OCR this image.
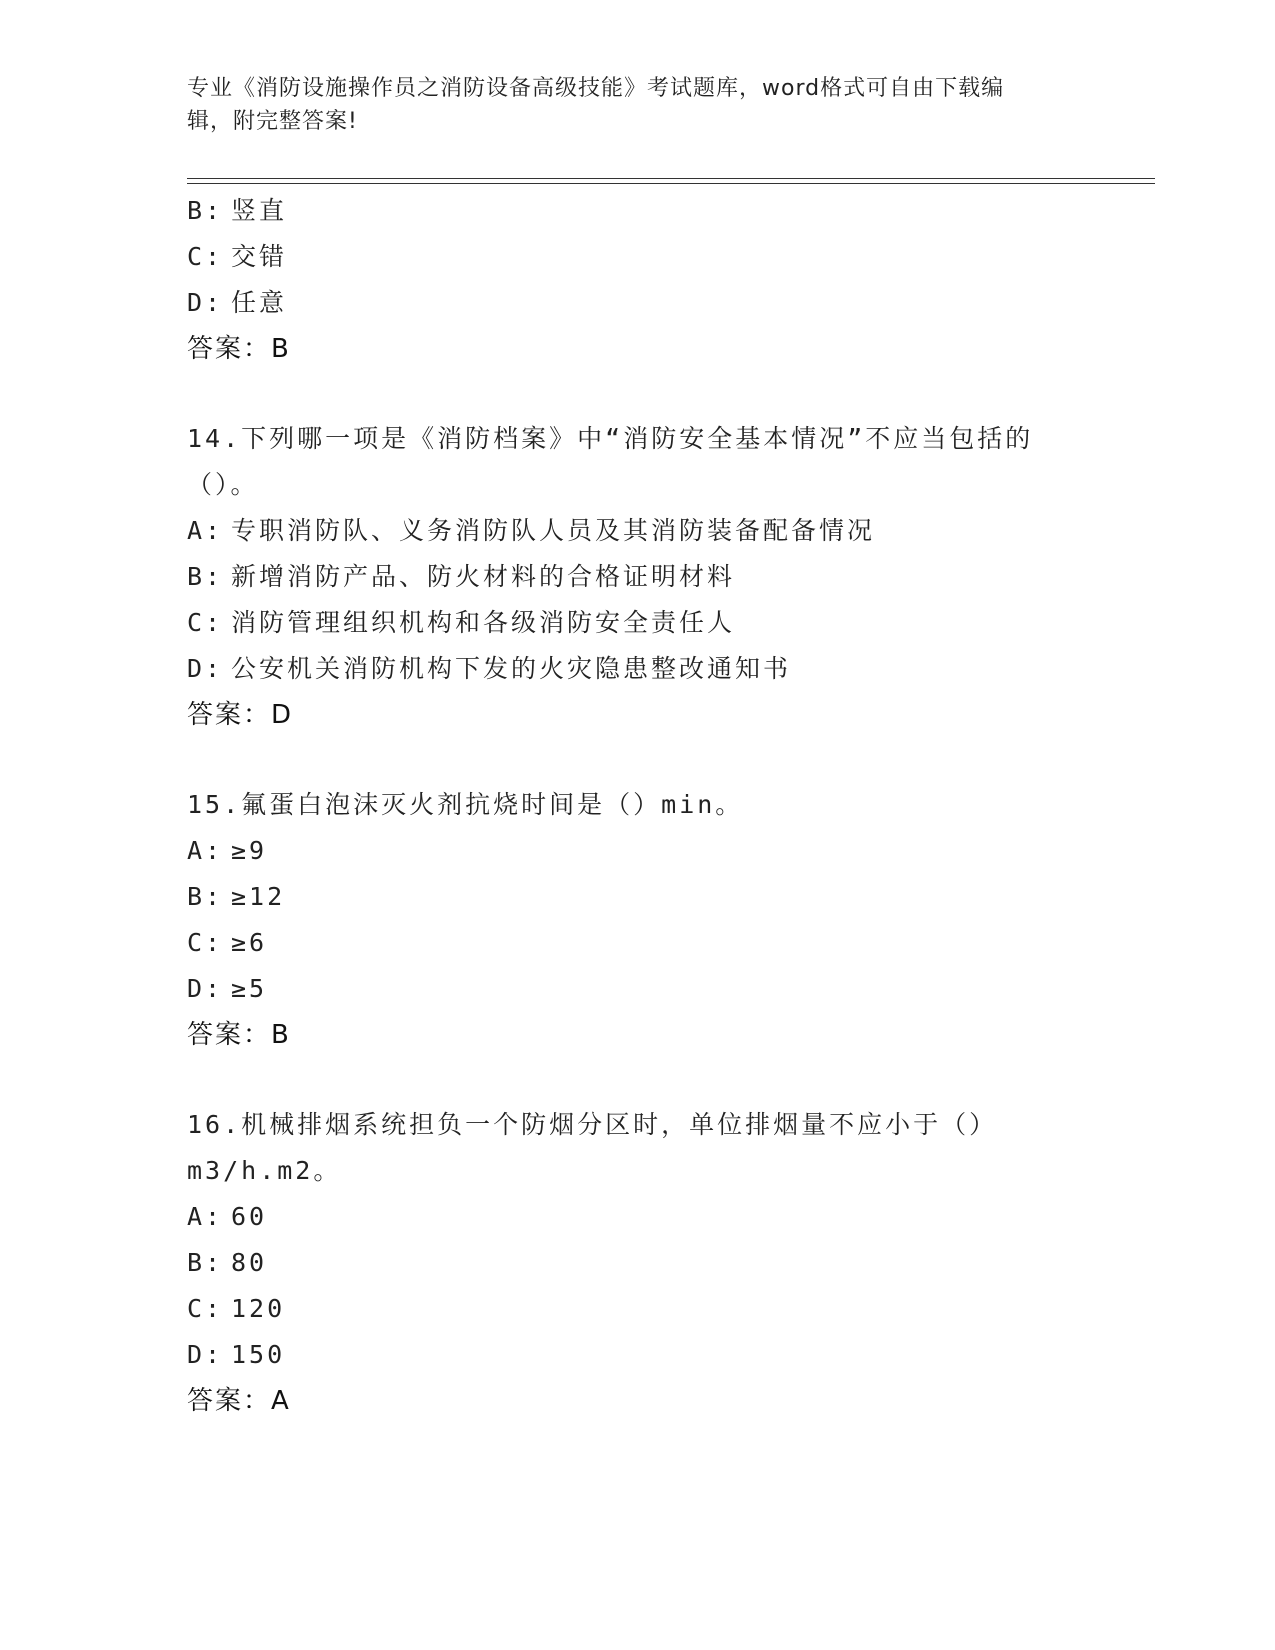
专业《消防设施操作员之消防设备高级技能》考试题库，word格式可自由下载编
辑，附完整答案!
B: 竖直
C: 交错
D: 任意
答案：B
14.下列哪一项是《消防档案》中“消防安全基本情况”不应当包括的
（）。
A: 专职消防队、义务消防队人员及其消防装备配备情况
B: 新增消防产品、防火材料的合格证明材料
C: 消防管理组织机构和各级消防安全责任人
D: 公安机关消防机构下发的火灾隐患整改通知书
答案：D
15.氟蛋白泡沫灭火剂抗烧时间是（）min。
A: ≥9
B: ≥12
C: ≥6
D: ≥5
答案：B
16.机械排烟系统担负一个防烟分区时，单位排烟量不应小于（）
m3/h.m2。
A: 60
B: 80
C: 120
D: 150
答案：A
